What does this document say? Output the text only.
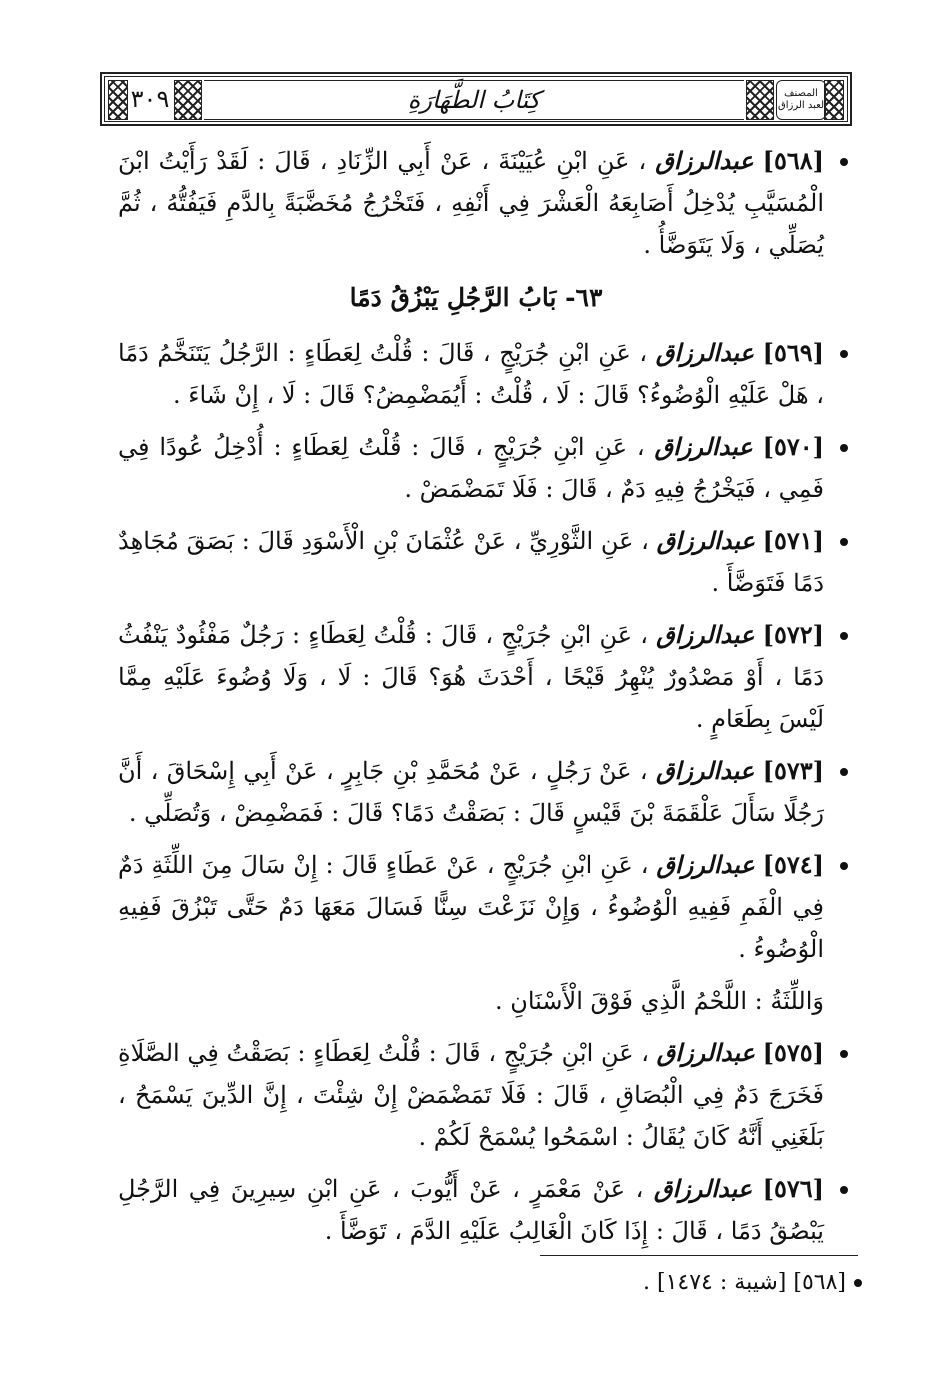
٣٠٩	كِتَابُ الطَّهَارَةِ	المصنف
لعبد الرزاق
[٥٦٨] عبدالرزاق ، عَنِ ابْنِ عُيَيْنَةَ ، عَنْ أَبِي الزِّنَادِ ، قَالَ : لَقَدْ رَأَيْتُ ابْنَ الْمُسَيَّبِ يُدْخِلُ أَصَابِعَهُ الْعَشْرَ فِي أَنْفِهِ ، فَتَخْرُجُ مُخَضَّبَةً بِالدَّمِ فَيَفُتُّهُ ، ثُمَّ يُصَلِّي ، وَلَا يَتَوَضَّأُ .
٦٣- بَابُ الرَّجُلِ يَبْزُقُ دَمًا
[٥٦٩] عبدالرزاق ، عَنِ ابْنِ جُرَيْجٍ ، قَالَ : قُلْتُ لِعَطَاءٍ : الرَّجُلُ يَتَنَخَّمُ دَمًا ، هَلْ عَلَيْهِ الْوُضُوءُ؟ قَالَ : لَا ، قُلْتُ : أَيُمَضْمِضُ؟ قَالَ : لَا ، إِنْ شَاءَ .
[٥٧٠] عبدالرزاق ، عَنِ ابْنِ جُرَيْجٍ ، قَالَ : قُلْتُ لِعَطَاءٍ : أُدْخِلُ عُودًا فِي فَمِي ، فَيَخْرُجُ فِيهِ دَمٌ ، قَالَ : فَلَا تَمَضْمَضْ .
[٥٧١] عبدالرزاق ، عَنِ الثَّوْرِيِّ ، عَنْ عُثْمَانَ بْنِ الْأَسْوَدِ قَالَ : بَصَقَ مُجَاهِدٌ دَمًا فَتَوَضَّأَ .
[٥٧٢] عبدالرزاق ، عَنِ ابْنِ جُرَيْجٍ ، قَالَ : قُلْتُ لِعَطَاءٍ : رَجُلٌ مَفْئُودٌ يَنْفُثُ دَمًا ، أَوْ مَصْدُورٌ يُنْهِرُ قَيْحًا ، أَحْدَثَ هُوَ؟ قَالَ : لَا ، وَلَا وُضُوءَ عَلَيْهِ مِمَّا لَيْسَ بِطَعَامٍ .
[٥٧٣] عبدالرزاق ، عَنْ رَجُلٍ ، عَنْ مُحَمَّدِ بْنِ جَابِرٍ ، عَنْ أَبِي إِسْحَاقَ ، أَنَّ رَجُلًا سَأَلَ عَلْقَمَةَ بْنَ قَيْسٍ قَالَ : بَصَقْتُ دَمًا؟ قَالَ : فَمَضْمِضْ ، وَتُصَلِّي .
[٥٧٤] عبدالرزاق ، عَنِ ابْنِ جُرَيْجٍ ، عَنْ عَطَاءٍ قَالَ : إِنْ سَالَ مِنَ اللِّثَةِ دَمٌ فِي الْفَمِ فَفِيهِ الْوُضُوءُ ، وَإِنْ نَزَعْتَ سِنًّا فَسَالَ مَعَهَا دَمٌ حَتَّى تَبْزُقَ فَفِيهِ الْوُضُوءُ .
وَاللِّثَةُ : اللَّحْمُ الَّذِي فَوْقَ الْأَسْنَانِ .
[٥٧٥] عبدالرزاق ، عَنِ ابْنِ جُرَيْجٍ ، قَالَ : قُلْتُ لِعَطَاءٍ : بَصَقْتُ فِي الصَّلَاةِ فَخَرَجَ دَمٌ فِي الْبُصَاقِ ، قَالَ : فَلَا تَمَضْمَضْ إِنْ شِئْتَ ، إِنَّ الدِّينَ يَسْمَحُ ، بَلَغَنِي أَنَّهُ كَانَ يُقَالُ : اسْمَحُوا يُسْمَحْ لَكُمْ .
[٥٧٦] عبدالرزاق ، عَنْ مَعْمَرٍ ، عَنْ أَيُّوبَ ، عَنِ ابْنِ سِيرِينَ فِي الرَّجُلِ يَبْصُقُ دَمًا ، قَالَ : إِذَا كَانَ الْغَالِبُ عَلَيْهِ الدَّمَ ، تَوَضَّأَ .
[٥٦٨] [شيبة : ١٤٧٤] .
